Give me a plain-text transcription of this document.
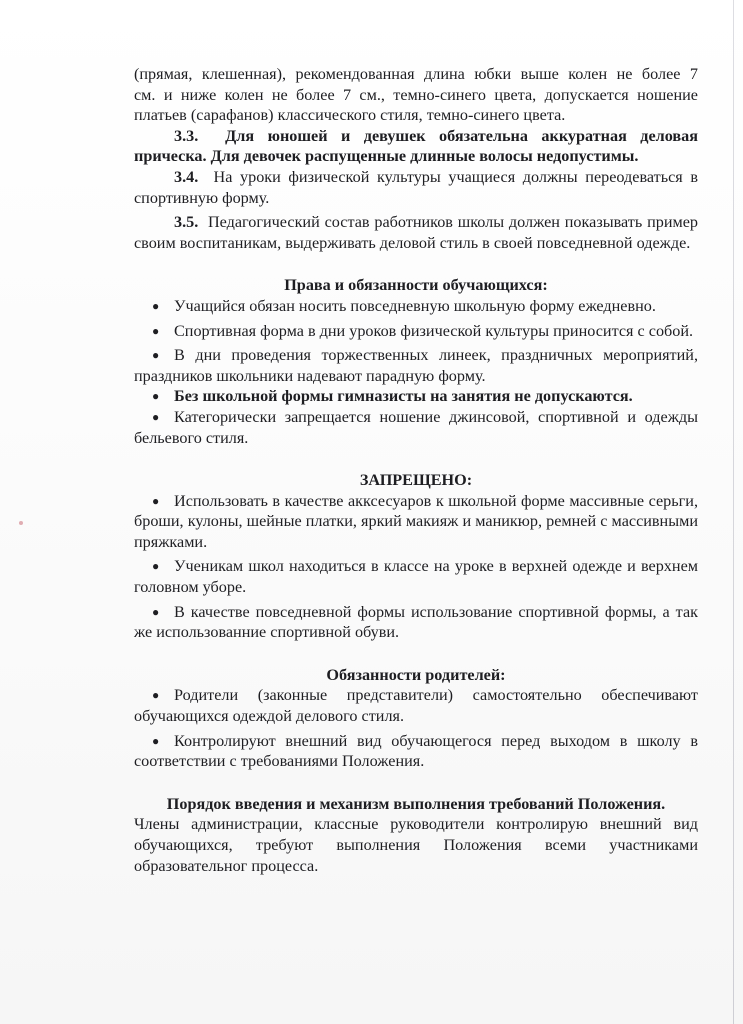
(прямая, клешенная), рекомендованная длина юбки выше колен не более 7

см. и ниже колен не более 7 см., темно-синего цвета, допускается ношение

платьев (сарафанов) классического стиля, темно-синего цвета.

3.3. Для юношей и девушек обязательна аккуратная деловая прическа. Для девочек распущенные длинные волосы недопустимы.

3.4. На уроки физической культуры учащиеся должны переодеваться в спортивную форму.

3.5. Педагогический состав работников школы должен показывать пример своим воспитаникам, выдерживать деловой стиль в своей повседневной одежде.

Права и обязанности обучающихся:

● Учащийся обязан носить повседневную школьную форму ежедневно.

● Спортивная форма в дни уроков физической культуры приносится с собой.

● В дни проведения торжественных линеек, праздничных мероприятий, праздников школьники надевают парадную форму.

● Без школьной формы гимназисты на занятия не допускаются.

● Категорически запрещается ношение джинсовой, спортивной и одежды бельевого стиля.

ЗАПРЕЩЕНО:

● Использовать в качестве акксесуаров к школьной форме массивные серьги, броши, кулоны, шейные платки, яркий макияж и маникюр, ремней с массивными пряжками.

● Ученикам школ находиться в классе на уроке в верхней одежде и верхнем головном уборе.

● В качестве повседневной формы использование спортивной формы, а так же использованние спортивной обуви.

Обязанности родителей:

● Родители (законные представители) самостоятельно обеспечивают обучающихся одеждой делового стиля.

● Контролируют внешний вид обучающегося перед выходом в школу в соответствии с требованиями Положения.

Порядок введения и механизм выполнения требований Положения.

Члены администрации, классные руководители контролирую внешний вид обучающихся, требуют выполнения Положения всеми участниками образовательног процесса.
